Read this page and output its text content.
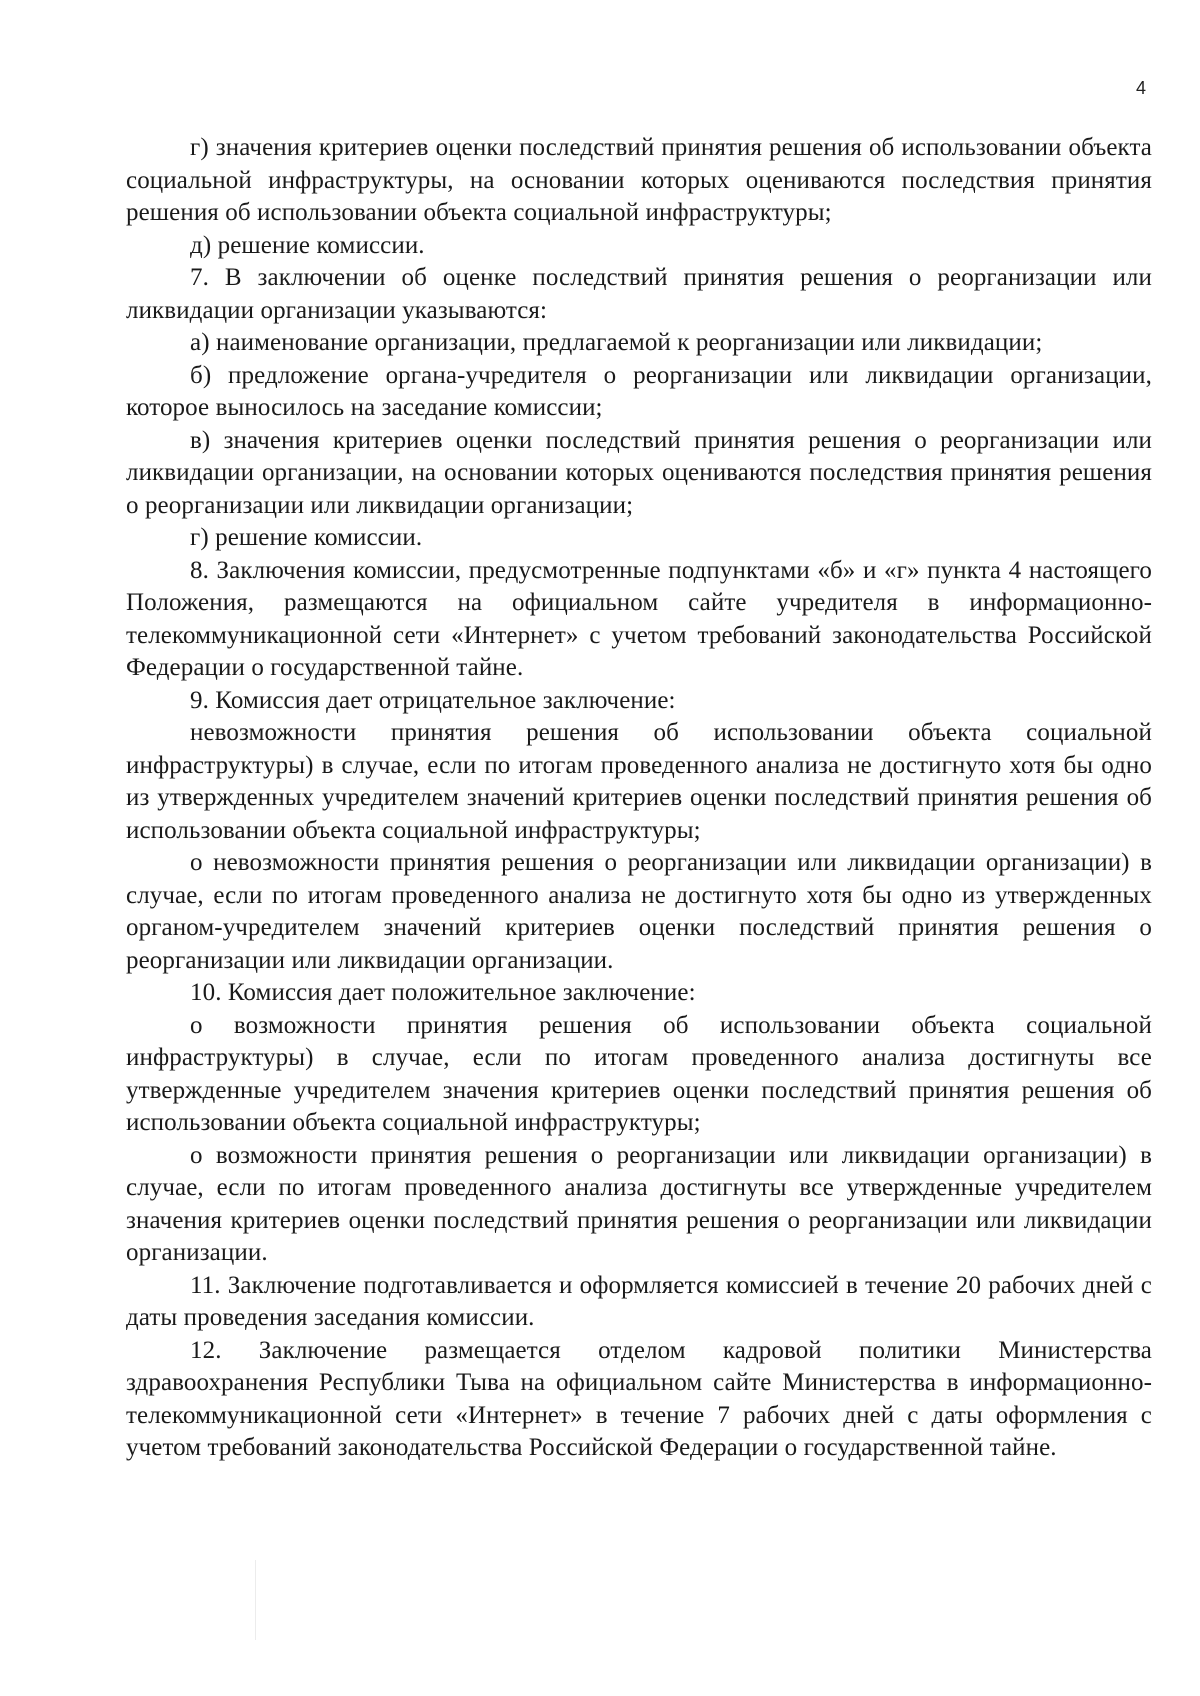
4

г) значения критериев оценки последствий принятия решения об использовании объекта социальной инфраструктуры, на основании которых оцениваются последствия принятия решения об использовании объекта социальной инфраструктуры;

д) решение комиссии.

7. В заключении об оценке последствий принятия решения о реорганизации или ликвидации организации указываются:

а) наименование организации, предлагаемой к реорганизации или ликвидации;

б) предложение органа-учредителя о реорганизации или ликвидации организации, которое выносилось на заседание комиссии;

в) значения критериев оценки последствий принятия решения о реорганизации или ликвидации организации, на основании которых оцениваются последствия принятия решения о реорганизации или ликвидации организации;

г) решение комиссии.

8. Заключения комиссии, предусмотренные подпунктами «б» и «г» пункта 4 настоящего Положения, размещаются на официальном сайте учредителя в информационно-телекоммуникационной сети «Интернет» с учетом требований законодательства Российской Федерации о государственной тайне.

9. Комиссия дает отрицательное заключение:

невозможности принятия решения об использовании объекта социальной инфраструктуры) в случае, если по итогам проведенного анализа не достигнуто хотя бы одно из утвержденных учредителем значений критериев оценки последствий принятия решения об использовании объекта социальной инфраструктуры;

о невозможности принятия решения о реорганизации или ликвидации организации) в случае, если по итогам проведенного анализа не достигнуто хотя бы одно из утвержденных органом-учредителем значений критериев оценки последствий принятия решения о реорганизации или ликвидации организации.

10. Комиссия дает положительное заключение:

о возможности принятия решения об использовании объекта социальной инфраструктуры) в случае, если по итогам проведенного анализа достигнуты все утвержденные учредителем значения критериев оценки последствий принятия решения об использовании объекта социальной инфраструктуры;

о возможности принятия решения о реорганизации или ликвидации организации) в случае, если по итогам проведенного анализа достигнуты все утвержденные учредителем значения критериев оценки последствий принятия решения о реорганизации или ликвидации организации.

11. Заключение подготавливается и оформляется комиссией в течение 20 рабочих дней с даты проведения заседания комиссии.

12. Заключение размещается отделом кадровой политики Министерства здравоохранения Республики Тыва на официальном сайте Министерства в информационно-телекоммуникационной сети «Интернет» в течение 7 рабочих дней с даты оформления с учетом требований законодательства Российской Федерации о государственной тайне.
